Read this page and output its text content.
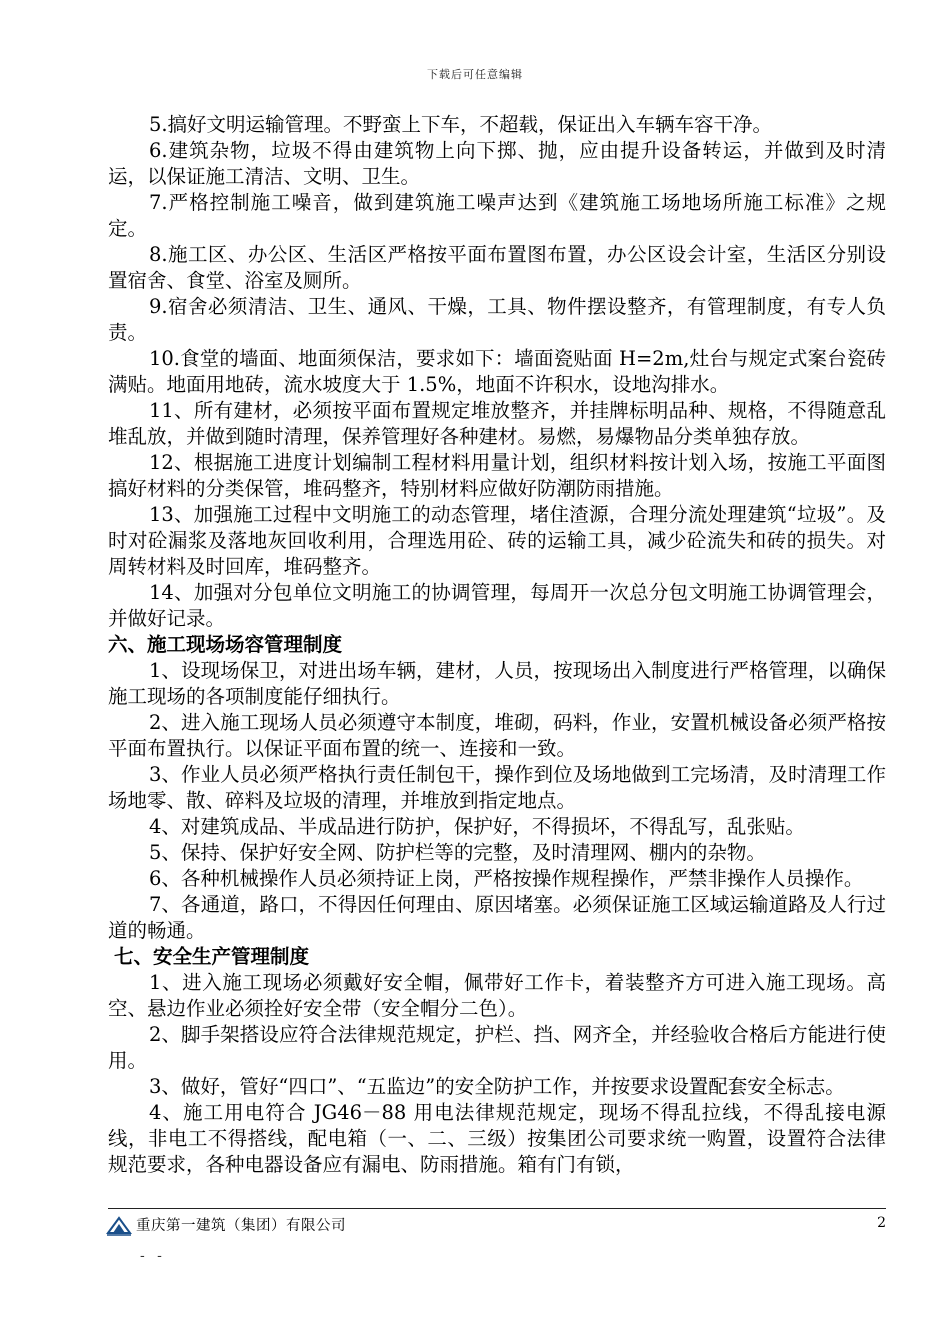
下载后可任意编辑

5.搞好文明运输管理。不野蛮上下车，不超载，保证出入车辆车容干净。

6.建筑杂物，垃圾不得由建筑物上向下掷、抛，应由提升设备转运，并做到及时清运，以保证施工清洁、文明、卫生。

7.严格控制施工噪音，做到建筑施工噪声达到《建筑施工场地场所施工标准》之规定。

8.施工区、办公区、生活区严格按平面布置图布置，办公区设会计室，生活区分别设置宿舍、食堂、浴室及厕所。

9.宿舍必须清洁、卫生、通风、干燥，工具、物件摆设整齐，有管理制度，有专人负责。

10.食堂的墙面、地面须保洁，要求如下：墙面瓷贴面 H=2m,灶台与规定式案台瓷砖满贴。地面用地砖，流水坡度大于 1.5%，地面不许积水，设地沟排水。

11、所有建材，必须按平面布置规定堆放整齐，并挂牌标明品种、规格，不得随意乱堆乱放，并做到随时清理，保养管理好各种建材。易燃，易爆物品分类单独存放。

12、根据施工进度计划编制工程材料用量计划，组织材料按计划入场，按施工平面图搞好材料的分类保管，堆码整齐，特别材料应做好防潮防雨措施。

13、加强施工过程中文明施工的动态管理，堵住渣源，合理分流处理建筑“垃圾”。及时对砼漏浆及落地灰回收利用，合理选用砼、砖的运输工具，减少砼流失和砖的损失。对周转材料及时回库，堆码整齐。

14、加强对分包单位文明施工的协调管理，每周开一次总分包文明施工协调管理会，并做好记录。

六、施工现场场容管理制度

1、设现场保卫，对进出场车辆，建材，人员，按现场出入制度进行严格管理，以确保施工现场的各项制度能仔细执行。

2、进入施工现场人员必须遵守本制度，堆砌，码料，作业，安置机械设备必须严格按平面布置执行。以保证平面布置的统一、连接和一致。

3、作业人员必须严格执行责任制包干，操作到位及场地做到工完场清，及时清理工作场地零、散、碎料及垃圾的清理，并堆放到指定地点。

4、对建筑成品、半成品进行防护，保护好，不得损坏，不得乱写，乱张贴。

5、保持、保护好安全网、防护栏等的完整，及时清理网、棚内的杂物。

6、各种机械操作人员必须持证上岗，严格按操作规程操作，严禁非操作人员操作。

7、各通道，路口，不得因任何理由、原因堵塞。必须保证施工区域运输道路及人行过道的畅通。

七、安全生产管理制度

1、进入施工现场必须戴好安全帽，佩带好工作卡，着装整齐方可进入施工现场。高空、悬边作业必须拴好安全带（安全帽分二色）。

2、脚手架搭设应符合法律规范规定，护栏、挡、网齐全，并经验收合格后方能进行使用。

3、做好，管好“四口”、“五监边”的安全防护工作，并按要求设置配套安全标志。

4、施工用电符合 JG46－88 用电法律规范规定，现场不得乱拉线，不得乱接电源线，非电工不得搭线，配电箱（一、二、三级）按集团公司要求统一购置，设置符合法律规范要求，各种电器设备应有漏电、防雨措施。箱有门有锁，

重庆第一建筑（集团）有限公司	2
- -
